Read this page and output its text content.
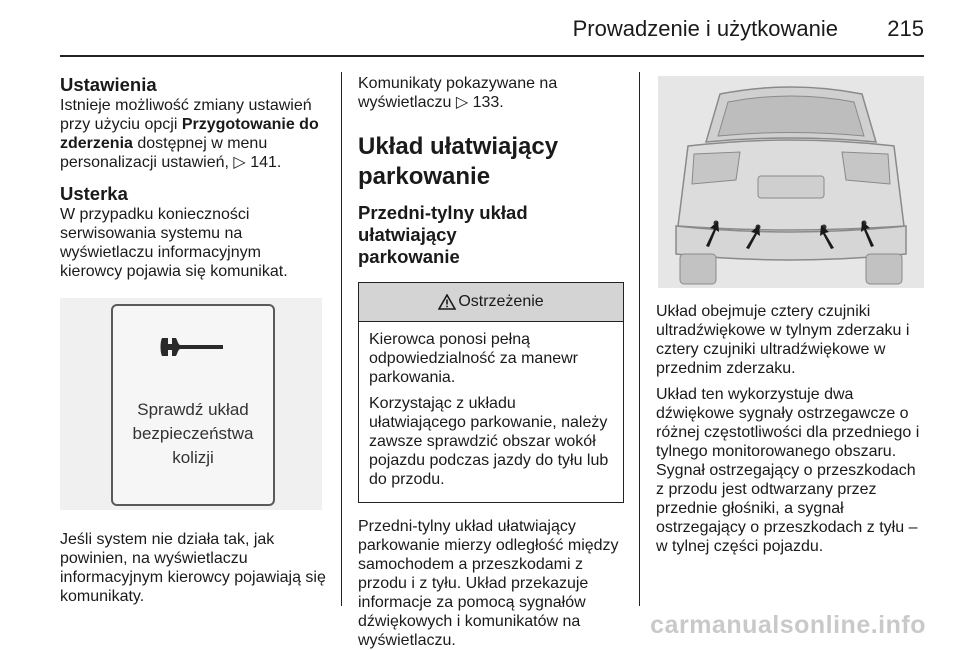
Prowadzenie i użytkowanie 215
Ustawienia

Istnieje możliwość zmiany ustawień
przy użyciu opcji Przygotowanie do
zderzenia dostępnej w menu
personalizacji ustawień, ▷ 141.

Usterka

W przypadku konieczności
serwisowania systemu na
wyświetlaczu informacyjnym
kierowcy pojawia się komunikat.

Sprawdź układ
bezpieczeństwa
kolizji

Jeśli system nie działa tak, jak
powinien, na wyświetlaczu
informacyjnym kierowcy pojawiają się
komunikaty.

Komunikaty pokazywane na
wyświetlaczu ▷ 133.

Układ ułatwiający
parkowanie
Przedni-tylny układ ułatwiający
parkowanie
Ostrzeżenie

Kierowca ponosi pełną
odpowiedzialność za manewr
parkowania.

Korzystając z układu
ułatwiającego parkowanie, należy
zawsze sprawdzić obszar wokół
pojazdu podczas jazdy do tyłu lub
do przodu.

Przedni-tylny układ ułatwiający
parkowanie mierzy odległość między
samochodem a przeszkodami z
przodu i z tyłu. Układ przekazuje
informacje za pomocą sygnałów
dźwiękowych i komunikatów na
wyświetlaczu.

Układ obejmuje cztery czujniki
ultradźwiękowe w tylnym zderzaku i
cztery czujniki ultradźwiękowe w
przednim zderzaku.

Układ ten wykorzystuje dwa
dźwiękowe sygnały ostrzegawcze o
różnej częstotliwości dla przedniego i
tylnego monitorowanego obszaru.
Sygnał ostrzegający o przeszkodach
z przodu jest odtwarzany przez
przednie głośniki, a sygnał
ostrzegający o przeszkodach z tyłu –
w tylnej części pojazdu.

carmanualsonline.info
